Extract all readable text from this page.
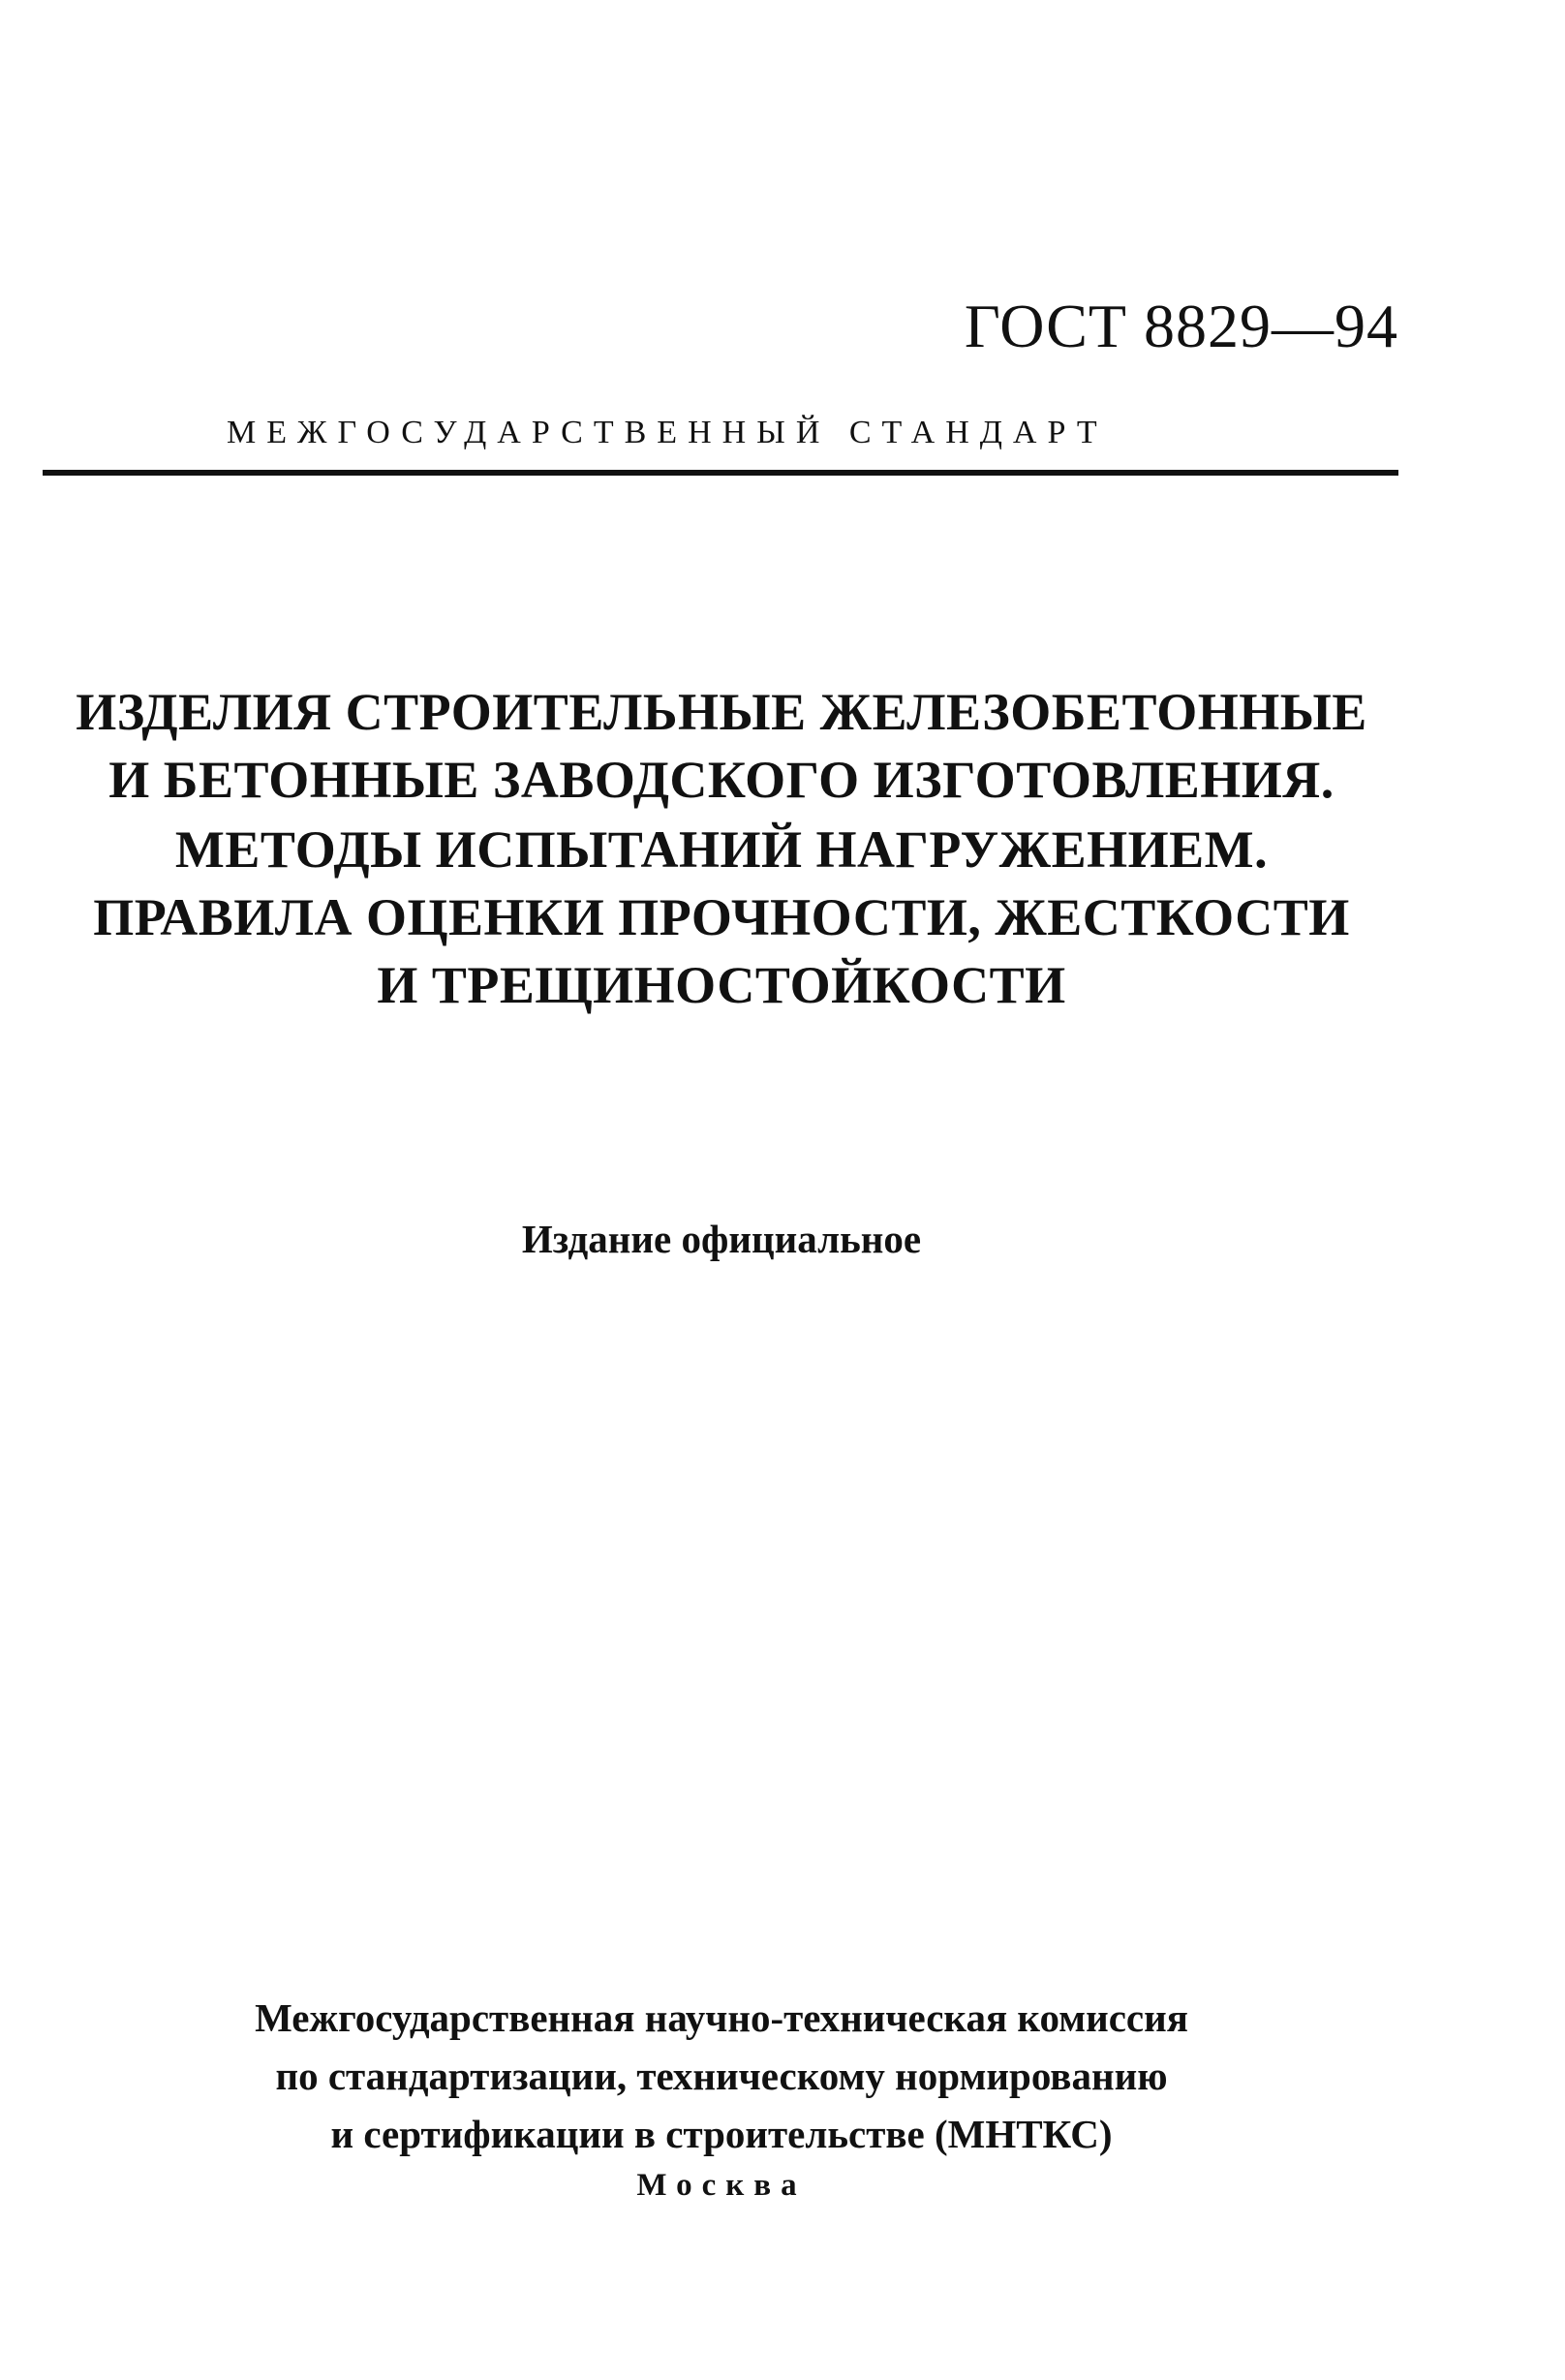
ГОСТ 8829—94
МЕЖГОСУДАРСТВЕННЫЙ СТАНДАРТ
ИЗДЕЛИЯ СТРОИТЕЛЬНЫЕ ЖЕЛЕЗОБЕТОННЫЕ
И БЕТОННЫЕ ЗАВОДСКОГО ИЗГОТОВЛЕНИЯ.
МЕТОДЫ ИСПЫТАНИЙ НАГРУЖЕНИЕМ.
ПРАВИЛА ОЦЕНКИ ПРОЧНОСТИ, ЖЕСТКОСТИ
И ТРЕЩИНОСТОЙКОСТИ
Издание официальное
Межгосударственная научно-техническая комиссия
по стандартизации, техническому нормированию
и сертификации в строительстве (МНТКС)
Москва
